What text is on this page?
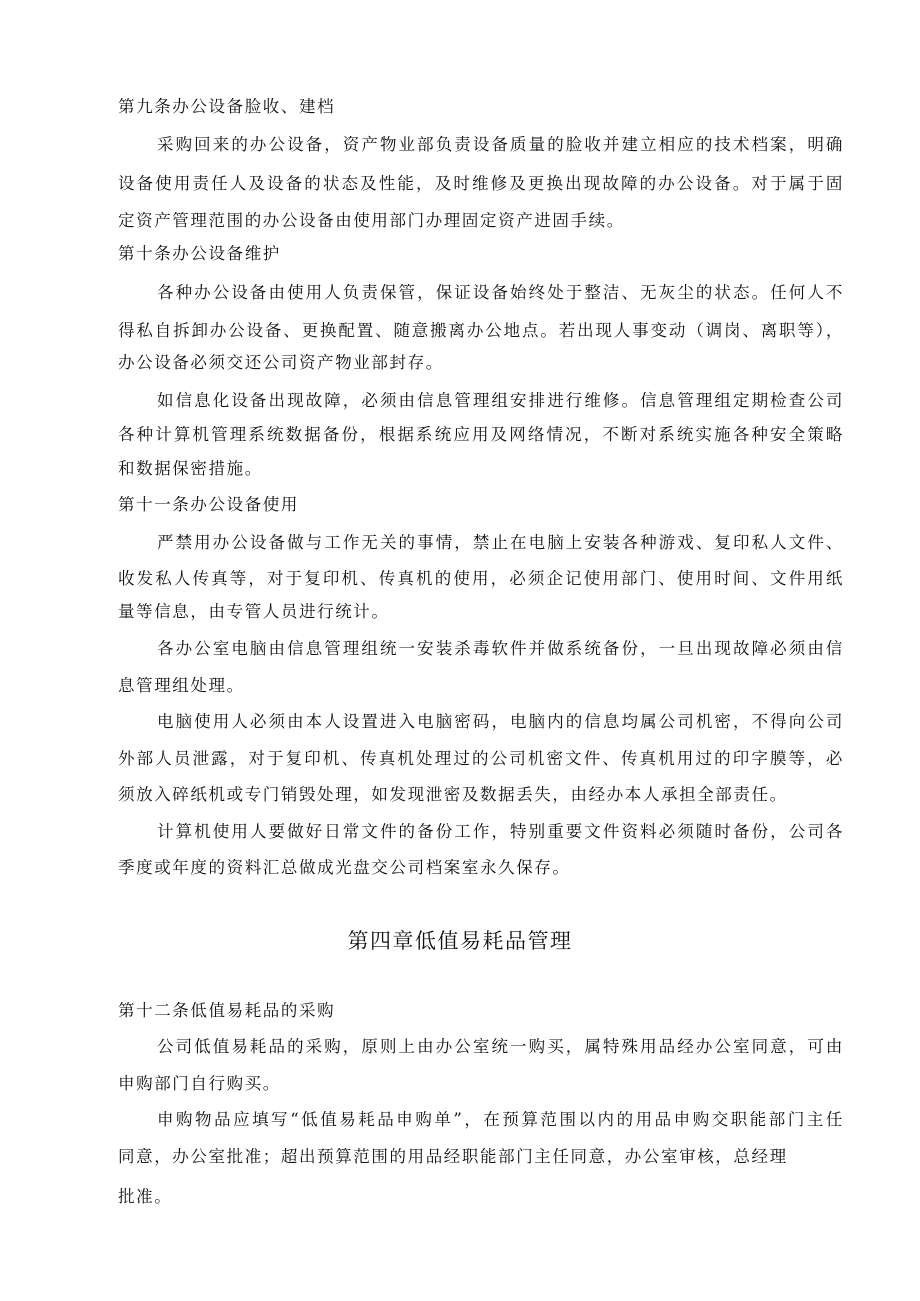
第九条办公设备脸收、建档
采购回来的办公设备，资产物业部负责设备质量的脸收并建立相应的技术档案，明确
设备使用责任人及设备的状态及性能，及时维修及更换出现故障的办公设备。对于属于固
定资产管理范围的办公设备由使用部门办理固定资产进固手续。
第十条办公设备维护
各种办公设备由使用人负责保管，保证设备始终处于整洁、无灰尘的状态。任何人不
得私自拆卸办公设备、更换配置、随意搬离办公地点。若出现人事变动（调岗、离职等），
办公设备必须交还公司资产物业部封存。
如信息化设备出现故障，必须由信息管理组安排进行维修。信息管理组定期检查公司
各种计算机管理系统数据备份，根据系统应用及网络情况，不断对系统实施各种安全策略
和数据保密措施。
第十一条办公设备使用
严禁用办公设备做与工作无关的事情，禁止在电脑上安装各种游戏、复印私人文件、
收发私人传真等，对于复印机、传真机的使用，必须企记使用部门、使用时间、文件用纸
量等信息，由专管人员进行统计。
各办公室电脑由信息管理组统一安装杀毒软件并做系统备份，一旦出现故障必须由信
息管理组处理。
电脑使用人必须由本人设置进入电脑密码，电脑内的信息均属公司机密，不得向公司
外部人员泄露，对于复印机、传真机处理过的公司机密文件、传真机用过的印字膜等，必
须放入碎纸机或专门销毁处理，如发现泄密及数据丢失，由经办本人承担全部责任。
计算机使用人要做好日常文件的备份工作，特别重要文件资料必须随时备份，公司各
季度或年度的资料汇总做成光盘交公司档案室永久保存。
第四章低值易耗品管理
第十二条低值易耗品的采购
公司低值易耗品的采购，原则上由办公室统一购买，属特殊用品经办公室同意，可由
申购部门自行购买。
申购物品应填写“低值易耗品申购单”，在预算范围以内的用品申购交职能部门主任
同意，办公室批准；超出预算范围的用品经职能部门主任同意，办公室审核，总经理
批准。
